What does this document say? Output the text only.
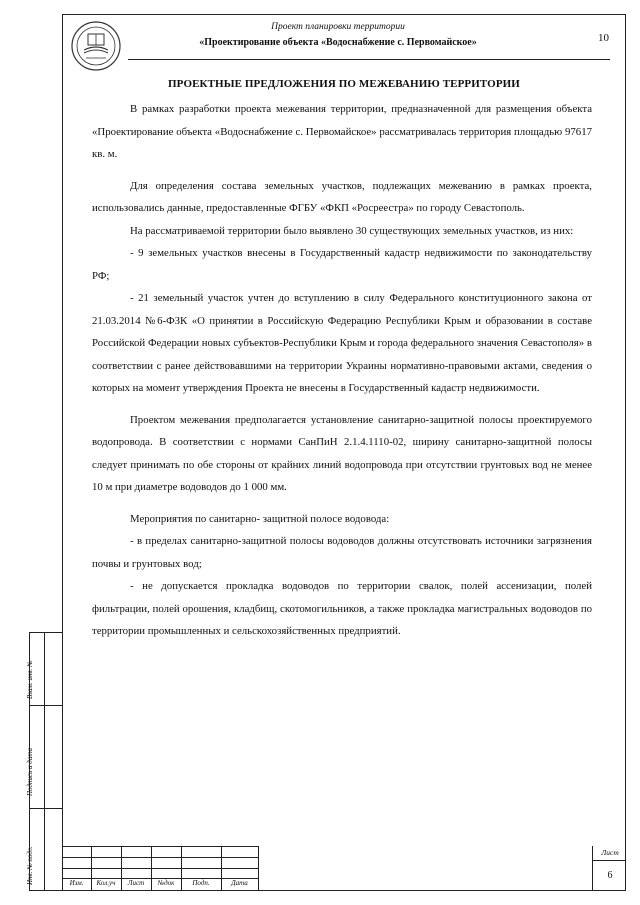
Проект планировки территории
«Проектирование объекта «Водоснабжение с. Первомайское»	10
ПРОЕКТНЫЕ ПРЕДЛОЖЕНИЯ ПО МЕЖЕВАНИЮ ТЕРРИТОРИИ

В рамках разработки проекта межевания территории, предназначенной для размещения объекта «Проектирование объекта «Водоснабжение с. Первомайское» рассматривалась территория площадью 97617 кв. м.

Для определения состава земельных участков, подлежащих межеванию в рамках проекта, использовались данные, предоставленные ФГБУ «ФКП «Росреестра» по городу Севастополь.

На рассматриваемой территории было выявлено 30 существующих земельных участков, из них:

- 9 земельных участков внесены в Государственный кадастр недвижимости по законодательству РФ;

- 21 земельный участок учтен до вступлению в силу Федерального конституционного закона от 21.03.2014 №6-ФЗК «О принятии в Российскую Федерацию Республики Крым и образовании в составе Российской Федерации новых субъектов-Республики Крым и города федерального значения Севастополя» в соответствии с ранее действовавшими на территории Украины нормативно-правовыми актами, сведения о которых на момент утверждения Проекта не внесены в Государственный кадастр недвижимости.

Проектом межевания предполагается установление санитарно-защитной полосы проектируемого водопровода. В соответствии с нормами СанПиН 2.1.4.1110-02, ширину санитарно-защитной полосы следует принимать по обе стороны от крайних линий водопровода при отсутствии грунтовых вод не менее 10 м при диаметре водоводов до 1 000 мм.

Мероприятия по санитарно- защитной полосе водовода:

- в пределах санитарно-защитной полосы водоводов должны отсутствовать источники загрязнения почвы и грунтовых вод;

- не допускается прокладка водоводов по территории свалок, полей ассенизации, полей фильтрации, полей орошения, кладбищ, скотомогильников, а также прокладка магистральных водоводов по территории промышленных и сельскохозяйственных предприятий.

Взам. инв. №
Подпись и дата
Инв. № подл.	Изм.	Кол.уч	Лист	№док	Подп.	Дата
Лист
6
